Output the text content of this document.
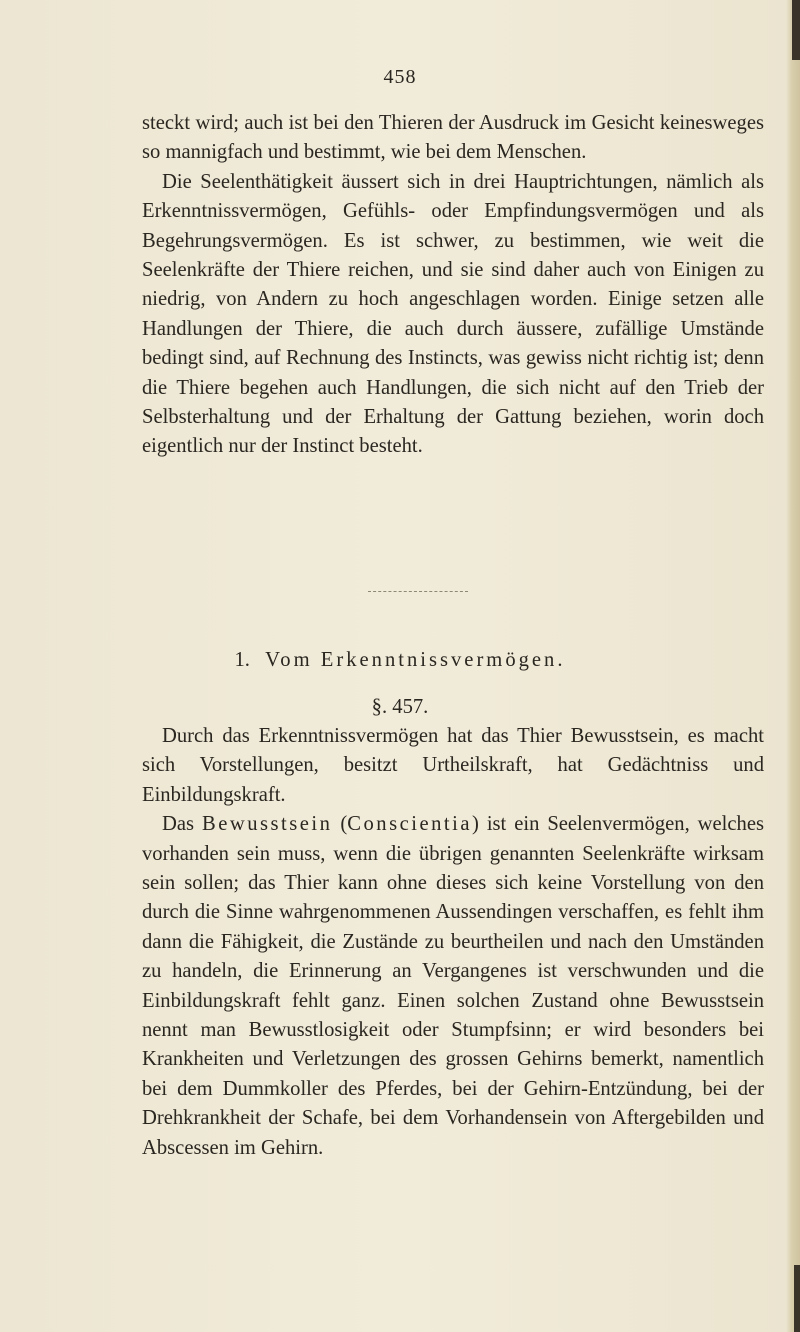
458

steckt wird; auch ist bei den Thieren der Ausdruck im Gesicht keinesweges so mannigfach und bestimmt, wie bei dem Menschen.

Die Seelenthätigkeit äussert sich in drei Hauptrichtungen, nämlich als Erkenntnissvermögen, Gefühls- oder Empfindungsvermögen und als Begehrungsvermögen. Es ist schwer, zu bestimmen, wie weit die Seelenkräfte der Thiere reichen, und sie sind daher auch von Einigen zu niedrig, von Andern zu hoch angeschlagen worden. Einige setzen alle Handlungen der Thiere, die auch durch äussere, zufällige Umstände bedingt sind, auf Rechnung des Instincts, was gewiss nicht richtig ist; denn die Thiere begehen auch Handlungen, die sich nicht auf den Trieb der Selbsterhaltung und der Erhaltung der Gattung beziehen, worin doch eigentlich nur der Instinct besteht.

1. Vom Erkenntnissvermögen.
§. 457.

Durch das Erkenntnissvermögen hat das Thier Bewusstsein, es macht sich Vorstellungen, besitzt Urtheilskraft, hat Gedächtniss und Einbildungskraft.

Das Bewusstsein (Conscientia) ist ein Seelenvermögen, welches vorhanden sein muss, wenn die übrigen genannten Seelenkräfte wirksam sein sollen; das Thier kann ohne dieses sich keine Vorstellung von den durch die Sinne wahrgenommenen Aussendingen verschaffen, es fehlt ihm dann die Fähigkeit, die Zustände zu beurtheilen und nach den Umständen zu handeln, die Erinnerung an Vergangenes ist verschwunden und die Einbildungskraft fehlt ganz. Einen solchen Zustand ohne Bewusstsein nennt man Bewusstlosigkeit oder Stumpfsinn; er wird besonders bei Krankheiten und Verletzungen des grossen Gehirns bemerkt, namentlich bei dem Dummkoller des Pferdes, bei der Gehirn-Entzündung, bei der Drehkrankheit der Schafe, bei dem Vorhandensein von Aftergebilden und Abscessen im Gehirn.
